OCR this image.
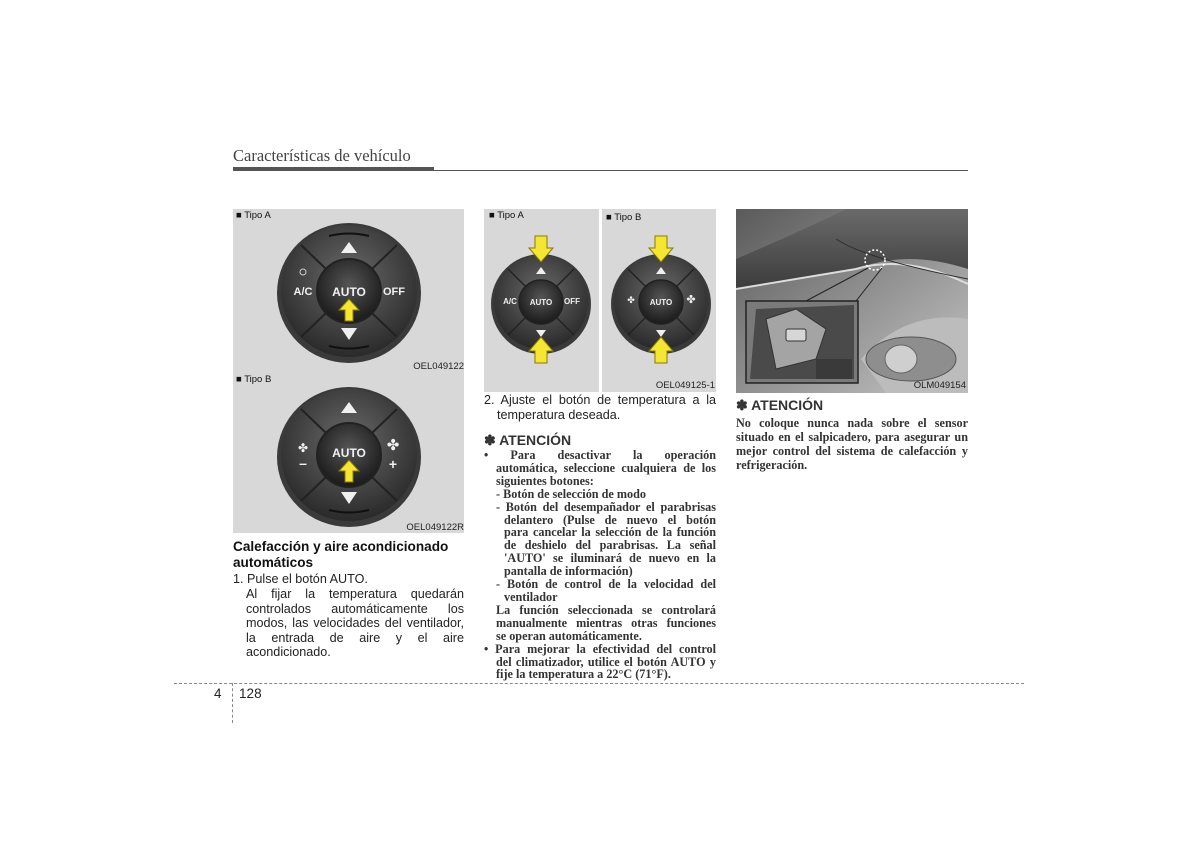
Características de vehículo
A/C	OFF
AUTO
■ Tipo A
OEL049122
✤
–
✤
+
AUTO
■ Tipo B
OEL049122R
Calefacción y aire acondicionado
automáticos
1. Pulse el botón AUTO.
Al fijar la temperatura quedarán
controlados automáticamente los
modos, las velocidades del ventilador,
la entrada de aire y el aire
acondicionado.
A/C	OFF
AUTO	✤	✤
AUTO
■ Tipo A	■ Tipo B
OEL049125-1
2. Ajuste el botón de temperatura a la
temperatura deseada.
✽ ATENCIÓN
• Para desactivar la operación
automática, seleccione cualquiera de los
siguientes botones:
- Botón de selección de modo
- Botón del desempañador el parabrisas
delantero (Pulse de nuevo el botón
para cancelar la selección de la función
de deshielo del parabrisas. La señal
'AUTO' se iluminará de nuevo en la
pantalla de información)
- Botón de control de la velocidad del
ventilador
La función seleccionada se controlará
manualmente mientras otras funciones
se operan automáticamente.
• Para mejorar la efectividad del control
del climatizador, utilice el botón AUTO y
fije la temperatura a 22°C (71°F).
OLM049154
✽ ATENCIÓN
No coloque nunca nada sobre el sensor
situado en el salpicadero, para asegurar un
mejor control del sistema de calefacción y
refrigeración.
4 128
